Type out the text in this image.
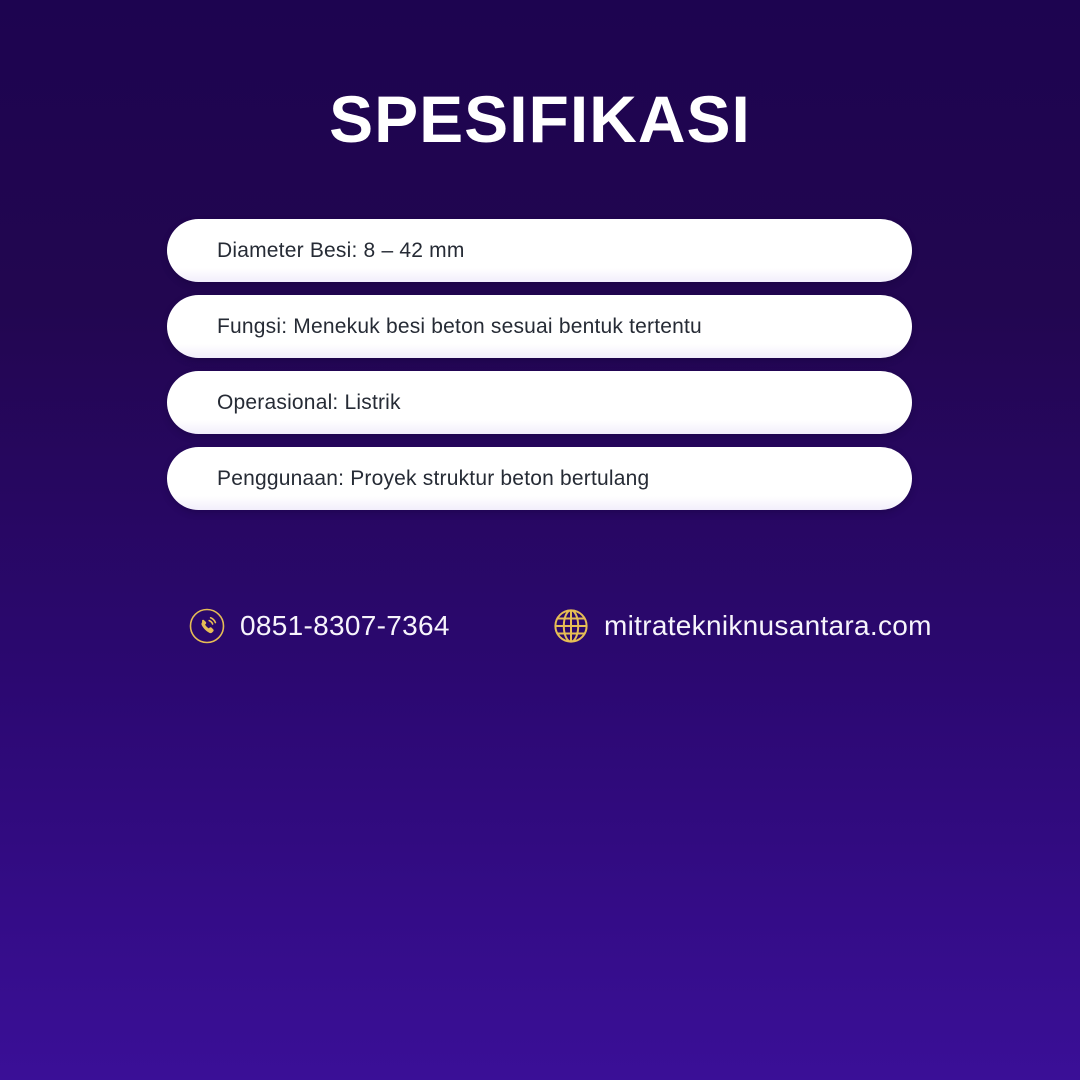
SPESIFIKASI
Diameter Besi: 8 – 42 mm
Fungsi: Menekuk besi beton sesuai bentuk tertentu
Operasional: Listrik
Penggunaan: Proyek struktur beton bertulang
0851-8307-7364	mitratekniknusantara.com
